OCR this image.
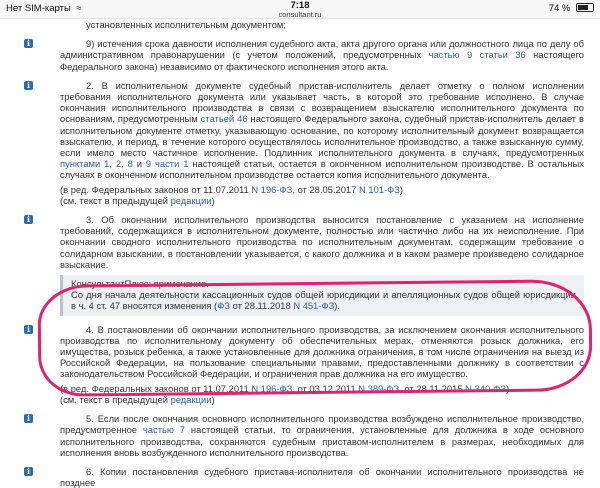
Нет SIM-карты ≈	7:18
consultant.ru
74 %

установленных исполнительным документом;

i	9) истечения срока давности исполнения судебного акта, акта другого органа или должностного лица по делу об административном правонарушении (с учетом положений, предусмотренных частью 9 статьи 36 настоящего Федерального закона) независимо от фактического исполнения этого акта.

i	2. В исполнительном документе судебный пристав-исполнитель делает отметку о полном исполнении требования исполнительного документа или указывает часть, в которой это требование исполнено. В случае окончания исполнительного производства в связи с возвращением взыскателю исполнительного документа по основаниям, предусмотренным статьей 46 настоящего Федерального закона, судебный пристав-исполнитель делает в исполнительном документе отметку, указывающую основание, по которому исполнительный документ возвращается взыскателю, и период, в течение которого осуществлялось исполнительное производство, а также взысканную сумму, если имело место частичное исполнение. Подлинник исполнительного документа в случаях, предусмотренных пунктами 1, 2, 8 и 9 части 1 настоящей статьи, остается в оконченном исполнительном производстве. В остальных случаях в оконченном исполнительном производстве остается копия исполнительного документа.

(в ред. Федеральных законов от 11.07.2011 N 196-ФЗ, от 28.05.2017 N 101-ФЗ)

(см. текст в предыдущей редакции)

i	3. Об окончании исполнительного производства выносится постановление с указанием на исполнение требований, содержащихся в исполнительном документе, полностью или частично либо на их неисполнение. При окончании сводного исполнительного производства по исполнительным документам, содержащим требование о солидарном взыскании, в постановлении указывается, с какого должника и в каком размере произведено солидарное взыскание.

КонсультантПлюс: примечание.

Со дня начала деятельности кассационных судов общей юрисдикции и апелляционных судов общей юрисдикции в ч. 4 ст. 47 вносятся изменения (ФЗ от 28.11.2018 N 451-ФЗ).

i	4. В постановлении об окончании исполнительного производства, за исключением окончания исполнительного производства по исполнительному документу об обеспечительных мерах, отменяются розыск должника, его имущества, розыск ребенка, а также установленные для должника ограничения, в том числе ограничения на выезд из Российской Федерации, на пользование специальными правами, предоставленными должнику в соответствии с законодательством Российской Федерации, и ограничения прав должника на его имущество.

(в ред. Федеральных законов от 11.07.2011 N 196-ФЗ, от 03.12.2011 N 389-ФЗ, от 28.11.2015 N 340-ФЗ)

(см. текст в предыдущей редакции)

i	5. Если после окончания основного исполнительного производства возбуждено исполнительное производство, предусмотренное частью 7 настоящей статьи, то ограничения, установленные для должника в ходе основного исполнительного производства, сохраняются судебным приставом-исполнителем в размерах, необходимых для исполнения вновь возбужденного исполнительного производства.

i	6. Копии постановления судебного пристава-исполнителя об окончании исполнительного производства не позднее
